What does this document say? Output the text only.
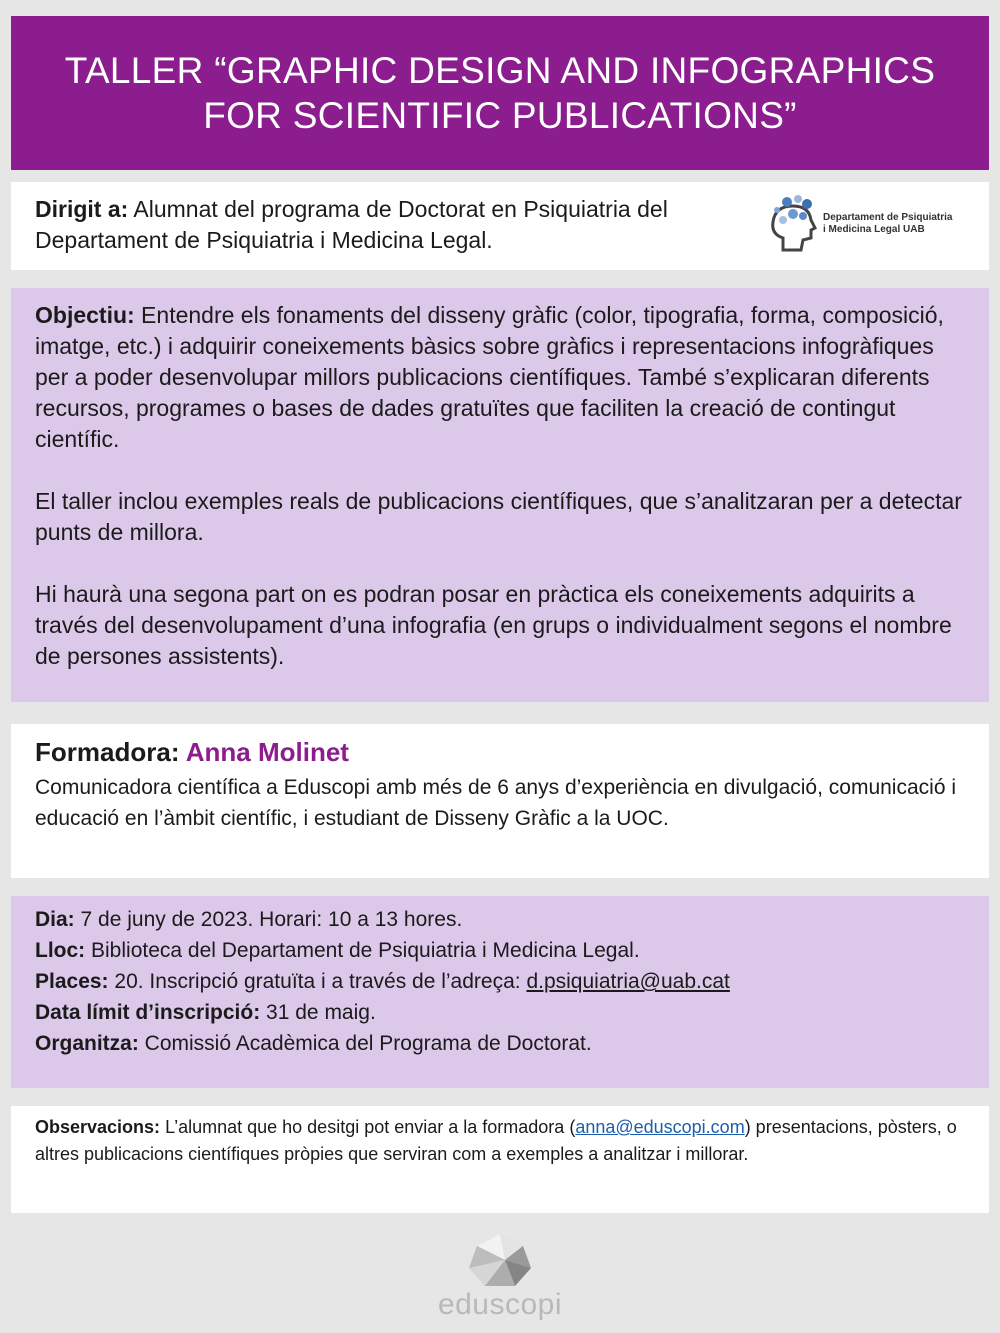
TALLER “GRAPHIC DESIGN AND INFOGRAPHICS
FOR SCIENTIFIC PUBLICATIONS”
Dirigit a: Alumnat del programa de Doctorat en Psiquiatria del Departament de Psiquiatria i Medicina Legal.
Departament de Psiquiatria
i Medicina Legal UAB

Objectiu: Entendre els fonaments del disseny gràfic (color, tipografia, forma, composició, imatge, etc.) i adquirir coneixements bàsics sobre gràfics i representacions infogràfiques per a poder desenvolupar millors publicacions científiques. També s’explicaran diferents recursos, programes o bases de dades gratuïtes que faciliten la creació de contingut científic.

El taller inclou exemples reals de publicacions científiques, que s’analitzaran per a detectar punts de millora.

Hi haurà una segona part on es podran posar en pràctica els coneixements adquirits a través del desenvolupament d’una infografia (en grups o individualment segons el nombre de persones assistents).

Formadora: Anna Molinet
Comunicadora científica a Eduscopi amb més de 6 anys d’experiència en divulgació, comunicació i educació en l’àmbit científic, i estudiant de Disseny Gràfic a la UOC.
Dia: 7 de juny de 2023. Horari: 10 a 13 hores.
Lloc: Biblioteca del Departament de Psiquiatria i Medicina Legal.
Places: 20. Inscripció gratuïta i a través de l’adreça: d.psiquiatria@uab.cat
Data límit d’inscripció: 31 de maig.
Organitza: Comissió Acadèmica del Programa de Doctorat.
Observacions: L’alumnat que ho desitgi pot enviar a la formadora (anna@eduscopi.com) presentacions, pòsters, o altres publicacions científiques pròpies que serviran com a exemples a analitzar i millorar.
eduscopi
